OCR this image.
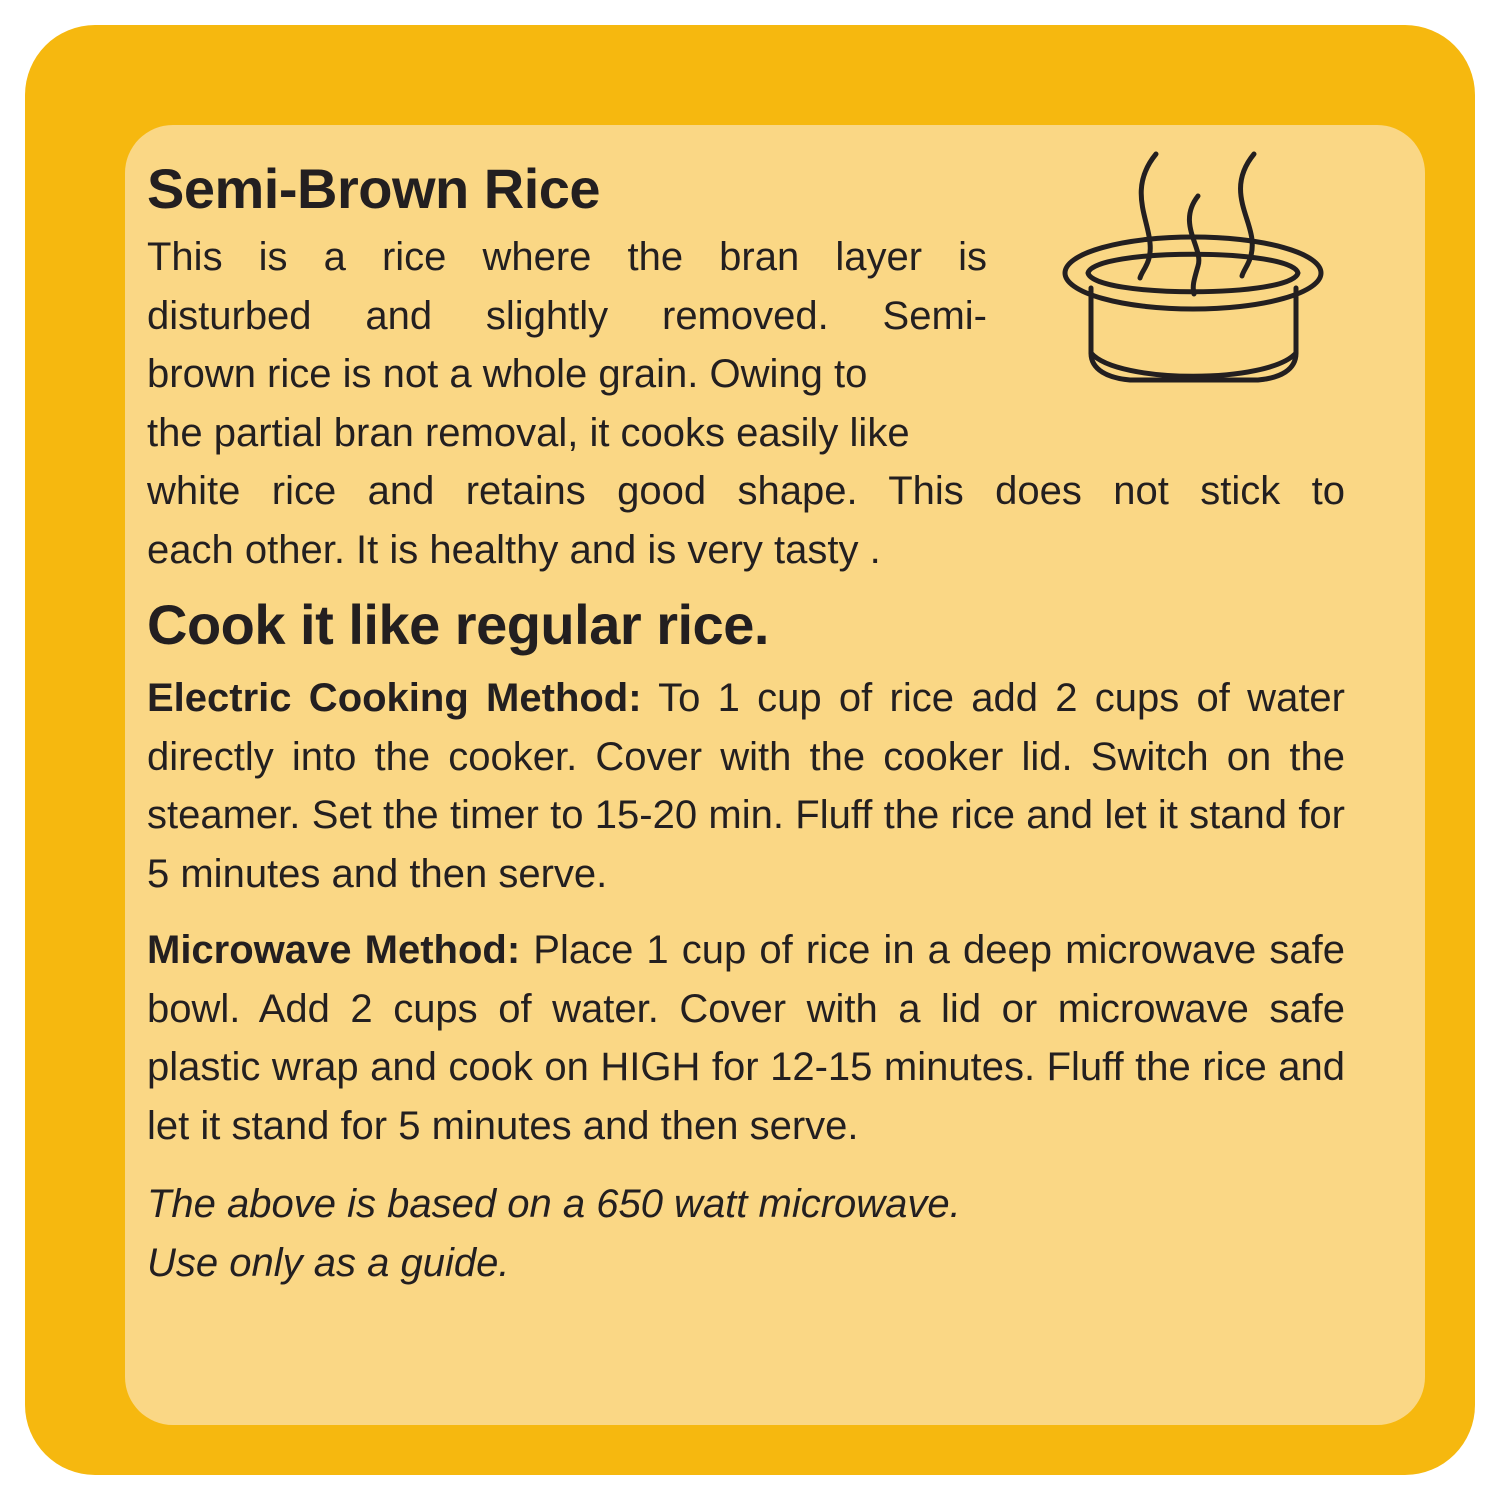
Semi-Brown Rice

This is a rice where the bran layer is
disturbed and slightly removed. Semi-
brown rice is not a whole grain. Owing to
the partial bran removal, it cooks easily like
white rice and retains good shape. This does not stick to
each other. It is healthy and is very tasty .

Cook it like regular rice.

Electric Cooking Method: To 1 cup of rice add 2 cups of water directly into the cooker. Cover with the cooker lid. Switch on the steamer. Set the timer to 15-20 min. Fluff the rice and let it stand for 5 minutes and then serve.

Microwave Method: Place 1 cup of rice in a deep microwave safe bowl. Add 2 cups of water. Cover with a lid or microwave safe plastic wrap and cook on HIGH for 12-15 minutes. Fluff the rice and let it stand for 5 minutes and then serve.

The above is based on a 650 watt microwave.
Use only as a guide.
